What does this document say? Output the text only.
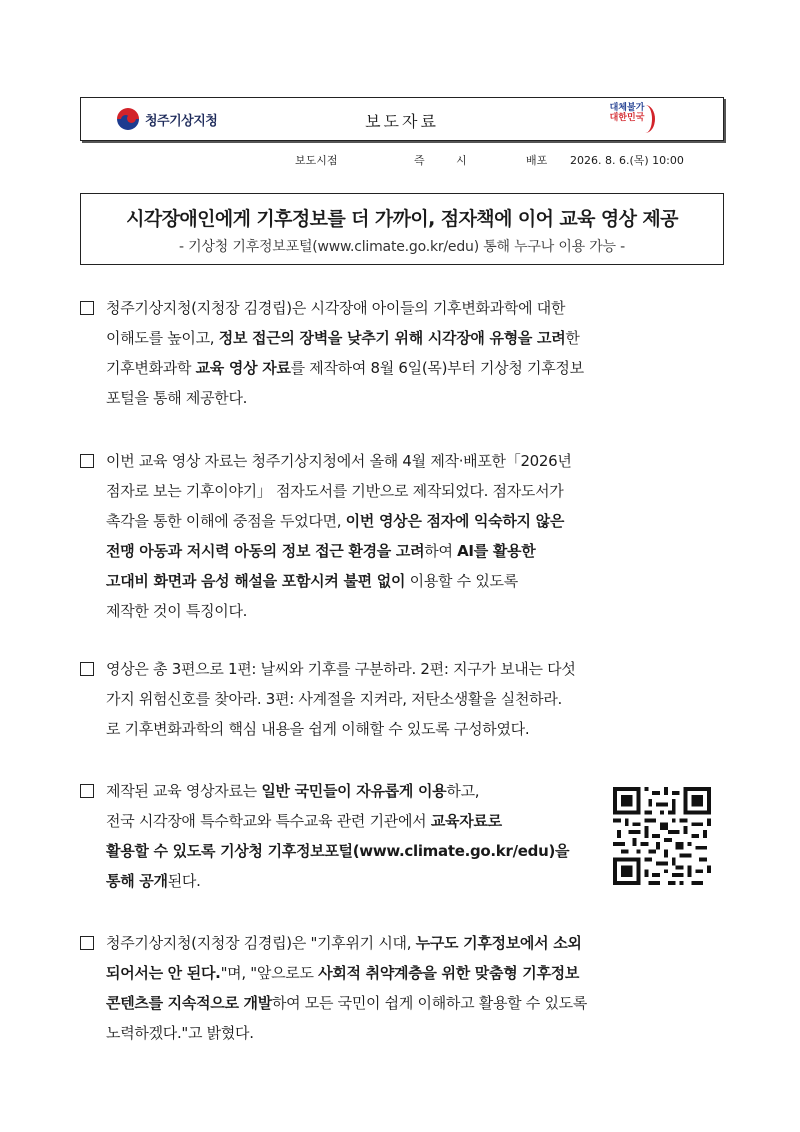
청주기상지청	보도자료
대체불가
대한민국
보도시점	즉 시	배포 2026. 8. 6.(목) 10:00
시각장애인에게 기후정보를 더 가까이, 점자책에 이어 교육 영상 제공
- 기상청 기후정보포털(www.climate.go.kr/edu) 통해 누구나 이용 가능 -
청주기상지청(지청장 김경립)은 시각장애 아이들의 기후변화과학에 대한
이해도를 높이고, 정보 접근의 장벽을 낮추기 위해 시각장애 유형을 고려한
기후변화과학 교육 영상 자료를 제작하여 8월 6일(목)부터 기상청 기후정보
포털을 통해 제공한다.
이번 교육 영상 자료는 청주기상지청에서 올해 4월 제작·배포한「2026년
점자로 보는 기후이야기」 점자도서를 기반으로 제작되었다. 점자도서가
촉각을 통한 이해에 중점을 두었다면, 이번 영상은 점자에 익숙하지 않은
전맹 아동과 저시력 아동의 정보 접근 환경을 고려하여 AI를 활용한
고대비 화면과 음성 해설을 포함시켜 불편 없이 이용할 수 있도록
제작한 것이 특징이다.
영상은 총 3편으로 1편: 날씨와 기후를 구분하라. 2편: 지구가 보내는 다섯
가지 위험신호를 찾아라. 3편: 사계절을 지켜라, 저탄소생활을 실천하라.
로 기후변화과학의 핵심 내용을 쉽게 이해할 수 있도록 구성하였다.
제작된 교육 영상자료는 일반 국민들이 자유롭게 이용하고,
전국 시각장애 특수학교와 특수교육 관련 기관에서 교육자료로
활용할 수 있도록 기상청 기후정보포털(www.climate.go.kr/edu)을
통해 공개된다.
청주기상지청(지청장 김경립)은 "기후위기 시대, 누구도 기후정보에서 소외
되어서는 안 된다."며, "앞으로도 사회적 취약계층을 위한 맞춤형 기후정보
콘텐츠를 지속적으로 개발하여 모든 국민이 쉽게 이해하고 활용할 수 있도록
노력하겠다."고 밝혔다.
